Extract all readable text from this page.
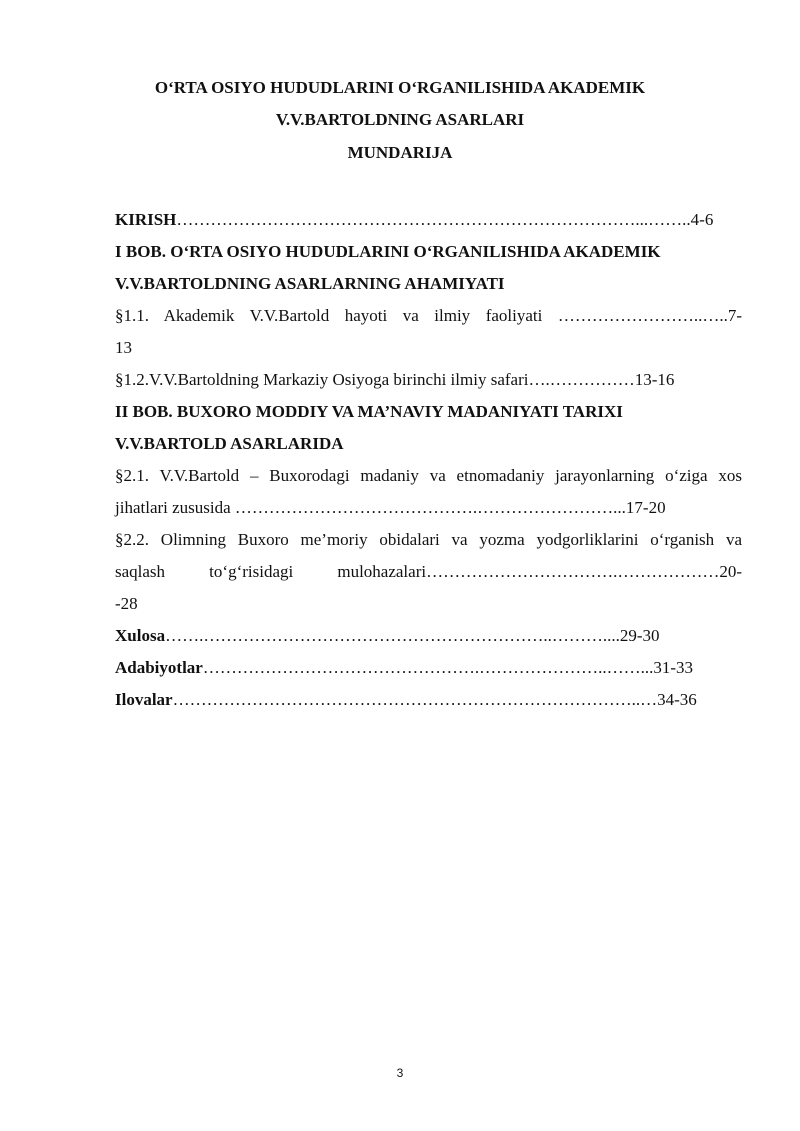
O‘RTA OSIYO HUDUDLARINI O‘RGANILISHIDA AKADEMIK
V.V.BARTOLDNING ASARLARI
MUNDARIJA
KIRISH………………………………………………………………………...……..4-6
I BOB. O‘RTA OSIYO HUDUDLARINI O‘RGANILISHIDA AKADEMIK
V.V.BARTOLDNING ASARLARNING AHAMIYATI
§1.1. Akademik V.V.Bartold hayoti va ilmiy faoliyati ……………………..…..7-
13
§1.2.V.V.Bartoldning Markaziy Osiyoga birinchi ilmiy safari….……………13-16
II BOB. BUXORO MODDIY VA MA’NAVIY MADANIYATI TARIXI
V.V.BARTOLD ASARLARIDA
§2.1. V.V.Bartold – Buxorodagi madaniy va etnomadaniy jarayonlarning o‘ziga xos
jihatlari zususida …………………………………….……………………...17-20
§2.2. Olimning Buxoro me’moriy obidalari va yozma yodgorliklarini o‘rganish va
saqlash to‘g‘risidagi mulohazalari…………………………….………………20-
-28
Xulosa…….……………………………………………………..………....29-30
Adabiyotlar………………………………………….…………………..……...31-33
Ilovalar………………………………………………………………………..…34-36
3
